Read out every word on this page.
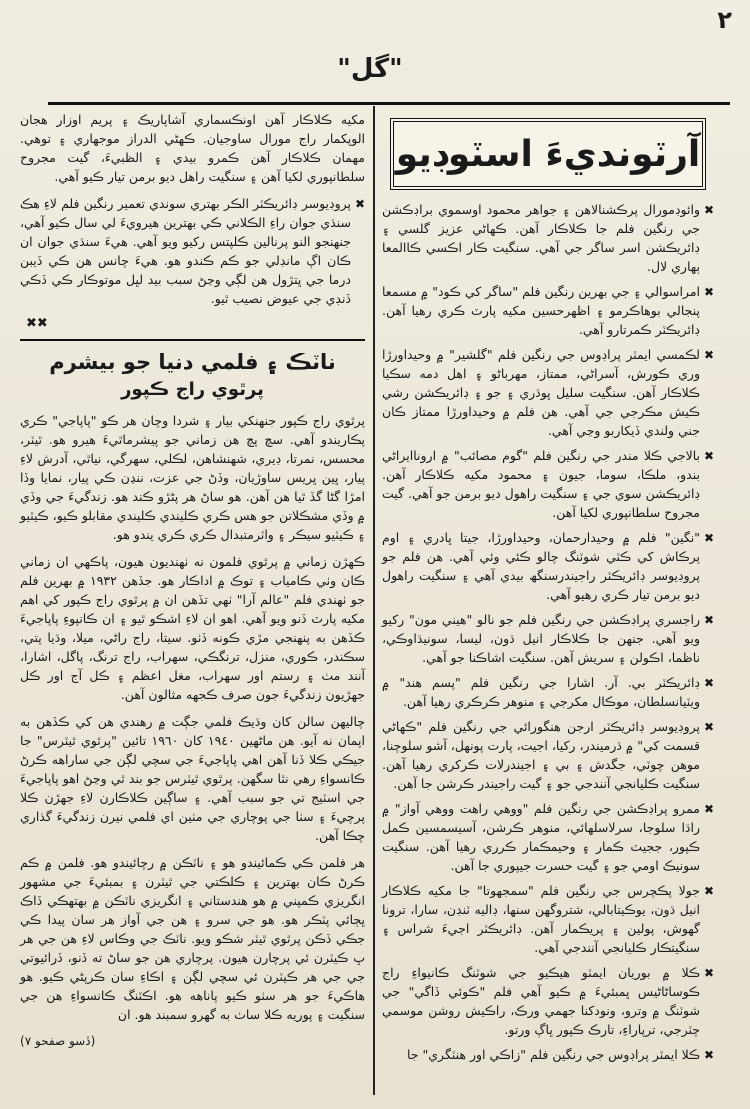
٢
"گل"
آرٽونديءَ اسٽوڊيو
✖ وائوڊمورال پرڪشنالاهن ۽ جواهر محمود اوسموي براڊڪشن جي رنگين فلم جا ڪلاڪار آهن. ڪهاڻي عزيز گلسي ۽ ڊائريڪشن اسر ساگر جي آهي. سنگيت ڪار اڪسي ڪاالمعا ٻهاري لال.
✖ امراسوالي ۽ جي بهرين رنگين فلم "ساگر کي ڪود" ۾ مسمعا پنجالي بوهاڪرمو ۽ اظهرحسين مکيه پارٽ ڪري رهيا آهن. ڊائريڪٽر ڪمرتارو آهي.
✖ لڪمسي ايمٽر پراڊوس جي رنگين فلم "گلشير" ۾ وحيداورڙا وري ڪورش، آسراڻي، ممتاز، مهرباڻو ۽ اهل دمه سڪيا ڪلاڪار آهن. سنگيت سليل ڀوڌري ۽ جو ۽ ڊائريڪشن رشي ڪيش مڪرجي جي آهي. هن فلم ۾ وحيداورڙا ممتاز ڪان جني ولندي ڏيکاربو وڃي آهي.
✖ بالاجي ڪلا مندر جي رنگين فلم "گوم مصائب" ۾ اروناايراڻي بندو، ملڪا، سوما، جيون ۽ محمود مکيه ڪلاڪار آهن. ڊائريڪشن سوي جي ۽ سنگيت راهول ديو برمن جو آهي. گيت مجروح سلطانپوري لکيا آهن.
✖ "نگين" فلم ۾ وحيدارحمان، وحيداورڙا، جيتا ڀادري ۽ اوم پرڪاش کي ڪٽي شوٽنگ چالو ڪئي وئي آهي. هن فلم جو پروڊيوسر ڊائريڪٽر راجيندرسنگھ بيدي آهي ۽ سنگيت راهول ديو برمن تيار ڪري رهيو آهي.
✖ راجسري پراڊڪشن جي رنگين فلم جو نالو "هيني مون" رکيو ويو آهي. جنهن جا ڪلاڪار انيل ڌون، ليسا، سونيڌاوڪي، ناظما، اڪولن ۽ سريش آهن. سنگيت اشاڪنا جو آهي.
✖ ڊائريڪٽر بي. آر. اشارا جي رنگين فلم "پسم هند" ۾ ويٽيانسلطان، موڪال مکرجي ۽ منوهر ڪرڪري رهيا آهن.
✖ پروڊيوسر ڊائريڪٽر ارجن هنگورائي جي رنگين فلم "ڪهاڻي قسمت کي" ۾ ڌرميندر، رکيا، اجيت، پارت پونهل، آشو سلوچنا، موهن چوٽي، جگدش ۽ بي ۽ اجيندرلات ڪرکري رهيا آهن. سنگيت ڪليانجي آنندجي جو ۽ گيت راجيندر ڪرشن جا آهن.
✖ ممرو پراڊڪشن جي رنگين فلم "ووهي راهت ووهي آواز" ۾ راڌا سلوجا، سرلاسلهائي، منوهر ڪرشن، آسيسمسين ڪمل ڪپور، ججيٽ ڪمار ۽ وحيمڪمار ڪرري رهيا آهن. سنگيت سونيڪ اومي جو ۽ گيت حسرت جيپوري جا آهن.
✖ جولا پڪچرس جي رنگين فلم "سمجهوتا" جا مکيه ڪلاڪار انيل ڌون، يوڪيتابالي، شتروگهن سنها، ڊاليه ٽنڊن، سارا، ترونا گهوش، پولين ۽ پريڪمار آهن. ڊائريڪٽر اجيءَ شراس ۽ سنگيتڪار ڪليانجي آنندجي آهي.
✖ ڪلا ۾ بوريان ايمٽو هيڪيو جي شوٽنگ ڪانيواءِ راج ڪوساڻاڻيس ڀمبئيءَ ۾ ڪيو آهي فلم "ڪوئي ڏاگي" جي شوٽنگ ۾ وترو، ونودکنا جهمي ورڪ، راڪيش روشن موسمي چٽرجي، ترپاراءِ، تارڪ ڪپور ڀاڳ ورتو.
✖ ڪلا ايمٽر پراڊوس جي رنگين فلم "زاڪي اور هنٽگري" جا

مکيه ڪلاڪار آهن اونڪسماري آشاپاريڪ ۽ پريم اوزار هجان الوپکمار راج مورال ساوجيان. ڪهڻي الدراز موجهاري ۽ توهي. مهمان ڪلاڪار آهن ڪمرو بيدي ۽ الظبيءَ، گيت مجروح سلطانپوري لکيا آهن ۽ سنگيت راهل ديو برمن تيار ڪيو آهي.

✖ پروڊيوسر ڊائريڪٽر الڪر بهتري سوندي تعمير رنگين فلم لاءِ هڪ سنڌي جوان راءِ الڪلاني ڪي بهترين هيرويءَ لي سال ڪيو آهي، جنهنجو النو پرنالين ڪلپتس رکيو ويو آهي. هيءَ سنڌي جوان ان ڪان اڳ مانڊلي جو ڪم ڪندو هو. هيءَ چانس هن ڪي ڏيبن درما جي ڀتڙول هن لڳي وڃڻ سبب بيد لڀل موتوڪار ڪي ڏڪي ڏنڊي جي عيوض نصيب ٿيو.
✖✖
ناٽڪ ۽ فلمي دنيا جو بيشرم
پرٿوي راج ڪپور

پرٿوي راج ڪپور جنهنکي بيار ۽ شردا وچان هر ڪو "پاپاجي" ڪري پڪاريندو آهي. سچ پچ هن زماني جو پيشرماٿيءَ هيرو هو. ٿيٽر، محسس، نمرتا، ڊيري، شهنشاهن، لڪلي، سهرگي، نياٿي، آدرش لاءِ پيار، ڀين ڀريس ساوڙيان، وڏڻ جي عزت، ننڍن ڪي پيار، نمايا وڏا امڙا گڻا گڏ ٿيا هن آهن. هو ساڻ هر پڻڙو ڪند هو. زندگيءَ جي وڏي ۾ وڏي مشڪلاتن جو هس ڪري ڪليندي ڪليندي مقابلو ڪيو، ڪيٽيو ۽ ڪيٽيو سيڪر ۽ واٽرمتبدال ڪري ڪري يندو هو.

ڪهڙن زماني ۾ پرٿوي فلمون نه ٺهنديون هيون، پاڪهي ان زماني ڪان وٺي ڪامياب ۽ توڪ ۾ اداڪار هو. جڏهن ١٩٣٢ ۾ بهرين فلم جو ٺهندي فلم "عالم آرا" ٺهي تڏهن ان ۾ پرٿوي راج ڪپور کي اهم مکيه پارٽ ڏنو ويو آهي. اهو ان لاءِ اشڪو ٿيو ۽ ان ڪانپوءِ پاپاجيءَ ڪڏهن به پنهنجي مڙي ڪونه ڏٺو. سيتا، راج راڻي، ميلا، وڌيا پتي، سڪندر، ڪوري، منزل، ترنگڪي، سهراب، راج ترنگ، پاگل، اشارا، آنند مٺ ۽ رستم اور سهراب، مغل اعظم ۽ ڪل آج اور ڪل جهڙيون زندگيءَ جون صرف ڪجهه مثالون آهن.

چاليهن سالن کان وڌيڪ فلمي جڳت ۾ رهندي هن کي ڪڏهن به اپمان نه آيو. هن ماڻهين ١٩٤٠ کان ١٩٦٠ تائين "پرٿوي ٿيٽرس" جا جيڪي ڪلا ڏنا آهن اهي پاپاجيءَ جي سچي لڳن جي ساراهه ڪرڻ ڪانسواءِ رهي نٿا سگهن. پرٿوي ٿيٽرس جو بند ٿي وڃڻ اهو پاپاجيءَ جي اسٽيج تي جو سبب آهي. ۽ ساڳين ڪلاڪارن لاءِ جهڙن ڪلا پرچيءَ ۽ سٺا جي پوچاري جي مٺين اي فلمي نيرن زندگيءَ گذاري چڪا آهن.

هر فلمن ڪي ڪمائيندو هو ۽ ناٽڪن ۾ رچائيندو هو. فلمن ۾ ڪم ڪرڻ ڪان بهترين ۽ ڪلڪتي جي ٿيٽرن ۽ بمبئيءَ جي مشهور انگريزي ڪمپني ۾ هو هندستاني ۽ انگريزي ناٽڪن ۾ بهتهڪي ڏاڪ ڀڄائي پٽڪر هو. هو جي سرو ۽ هن جي آواز هر سان پيدا ڪي جڪي ڏڪن پرٿوي ٿيٽر شڪو ويو. ناٽڪ جي وڪاس لاءِ هن جي هر ڀ ڪيٽرن ئي پرچارن هيون. پرچاري هن جو ساڻ ته ڏنو، ڏرائيوتي جي جي هر ڪيٽرن ئي سچي لڳن ۽ اڪاءِ سان ڪرپڻي ڪيو. هو هاڪيءَ جو هر سٺو ڪيو پاناهه هو. اڪٽنگ ڪانسواءِ هن جي سنگيت ۽ پوريه ڪلا ساٺ به گهرو سمبند هو. ان

(ڏسو صفحو ٧)
